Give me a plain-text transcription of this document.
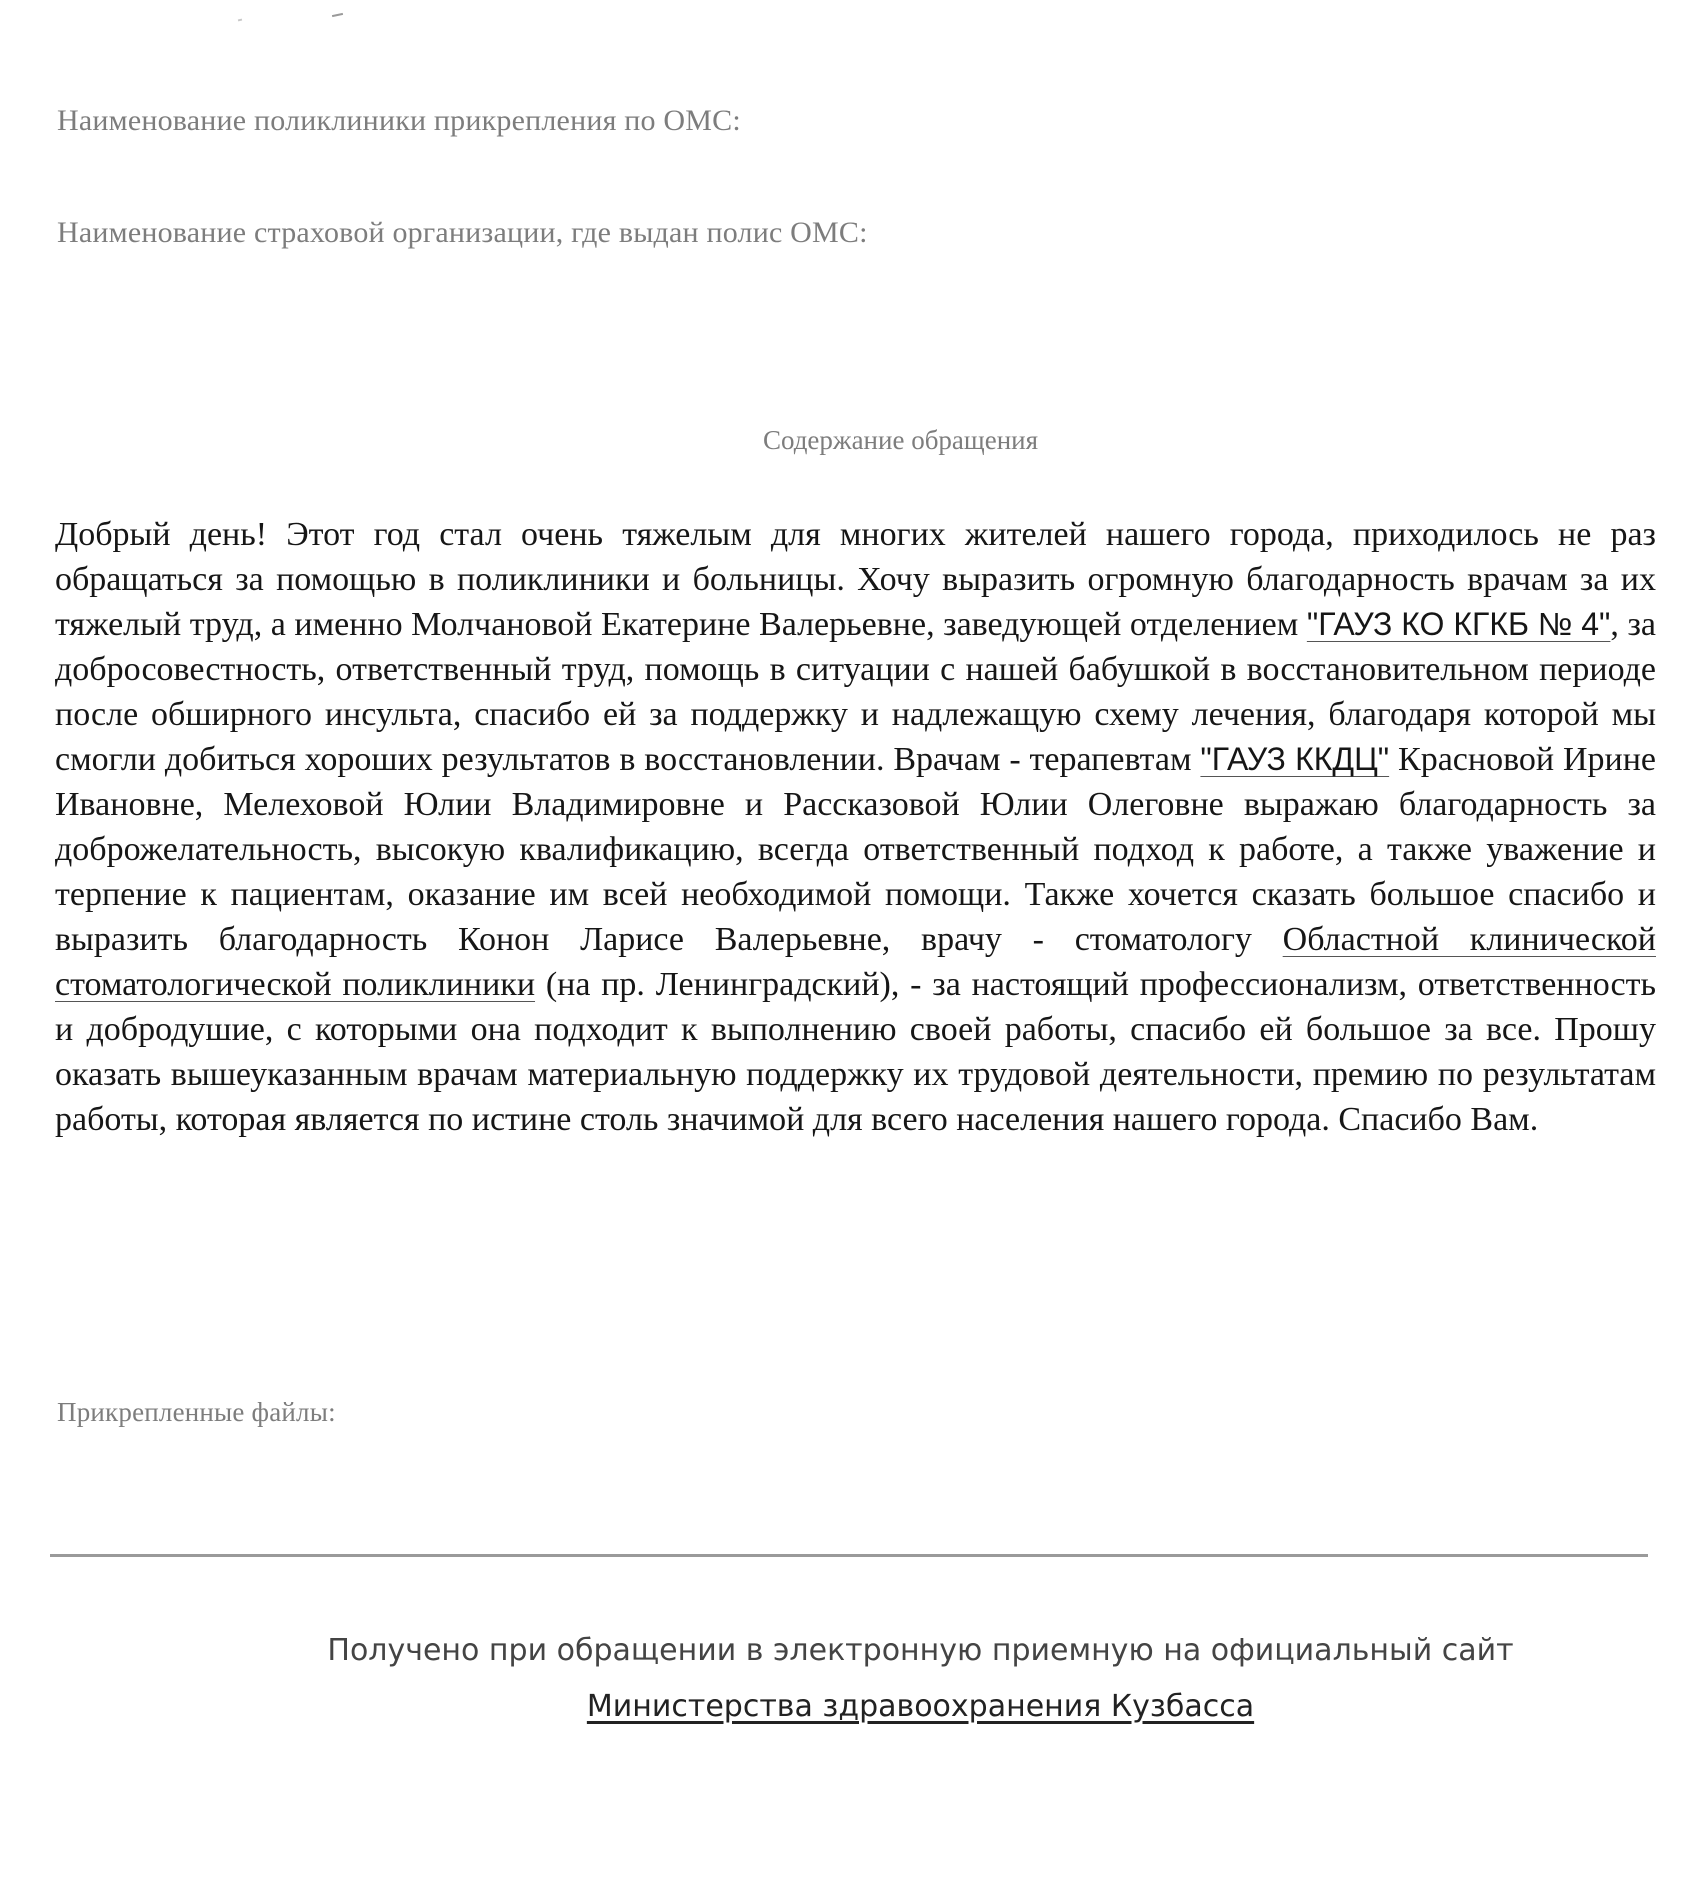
Наименование поликлиники прикрепления по ОМС:
Наименование страховой организации, где выдан полис ОМС:
Содержание обращения
Добрый день! Этот год стал очень тяжелым для многих жителей нашего города, приходилось не раз обращаться за помощью в поликлиники и больницы. Хочу выразить огромную благодарность врачам за их тяжелый труд, а именно Молчановой Екатерине Валерьевне, заведующей отделением "ГАУЗ КО КГКБ № 4", за добросовестность, ответственный труд, помощь в ситуации с нашей бабушкой в восстановительном периоде после обширного инсульта, спасибо ей за поддержку и надлежащую схему лечения, благодаря которой мы смогли добиться хороших результатов в восстановлении. Врачам - терапевтам "ГАУЗ ККДЦ" Красновой Ирине Ивановне, Мелеховой Юлии Владимировне и Рассказовой Юлии Олеговне выражаю благодарность за доброжелательность, высокую квалификацию, всегда ответственный подход к работе, а также уважение и терпение к пациентам, оказание им всей необходимой помощи. Также хочется сказать большое спасибо и выразить благодарность Конон Ларисе Валерьевне, врачу - стоматологу Областной клинической стоматологической поликлиники (на пр. Ленинградский), - за настоящий профессионализм, ответственность и добродушие, с которыми она подходит к выполнению своей работы, спасибо ей большое за все. Прошу оказать вышеуказанным врачам материальную поддержку их трудовой деятельности, премию по результатам работы, которая является по истине столь значимой для всего населения нашего города. Спасибо Вам.
Прикрепленные файлы:
Получено при обращении в электронную приемную на официальный сайт
Министерства здравоохранения Кузбасса
